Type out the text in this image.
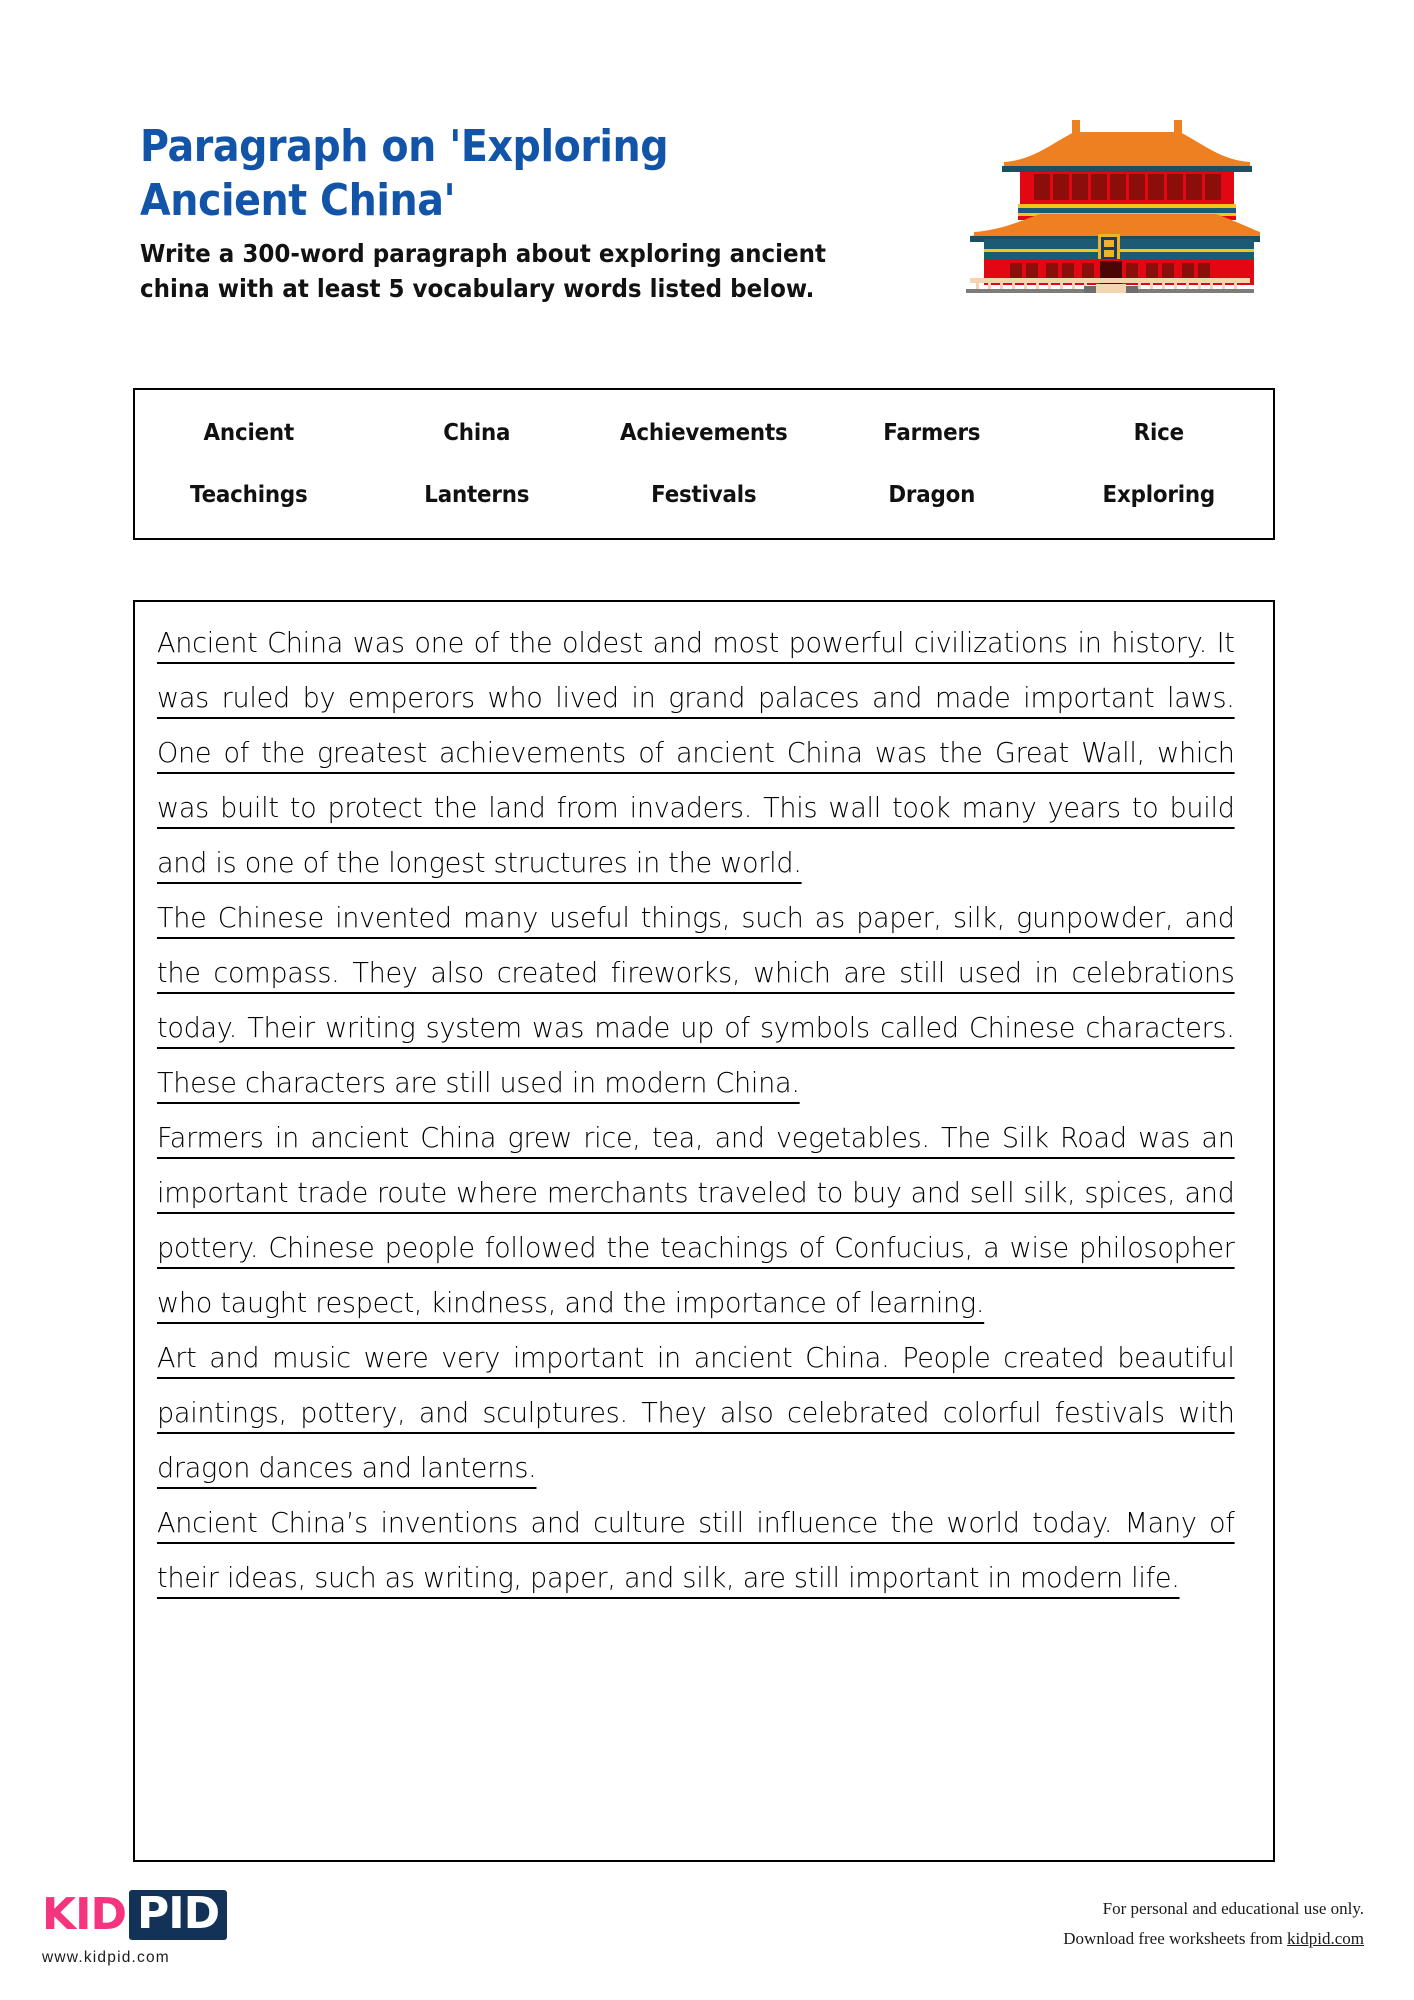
Paragraph on 'Exploring Ancient China'

Write a 300-word paragraph about exploring ancient china with at least 5 vocabulary words listed below.

Ancient	China	Achievements	Farmers	Rice
Teachings	Lanterns	Festivals	Dragon	Exploring

Ancient China was one of the oldest and most powerful civilizations in history. It was ruled by emperors who lived in grand palaces and made important laws. One of the greatest achievements of ancient China was the Great Wall, which was built to protect the land from invaders. This wall took many years to build and is one of the longest structures in the world.

The Chinese invented many useful things, such as paper, silk, gunpowder, and the compass. They also created fireworks, which are still used in celebrations today. Their writing system was made up of symbols called Chinese characters. These characters are still used in modern China.

Farmers in ancient China grew rice, tea, and vegetables. The Silk Road was an important trade route where merchants traveled to buy and sell silk, spices, and pottery. Chinese people followed the teachings of Confucius, a wise philosopher who taught respect, kindness, and the importance of learning.

Art and music were very important in ancient China. People created beautiful paintings, pottery, and sculptures. They also celebrated colorful festivals with dragon dances and lanterns.

Ancient China’s inventions and culture still influence the world today. Many of their ideas, such as writing, paper, and silk, are still important in modern life.

KID PID
www.kidpid.com
For personal and educational use only.
Download free worksheets from kidpid.com
